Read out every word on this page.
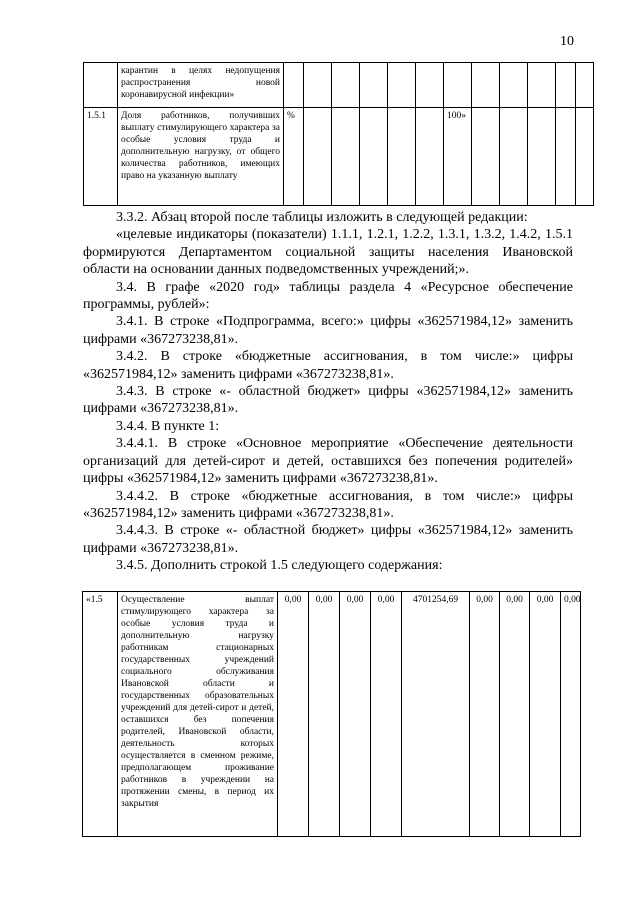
10
	карантин в целях недопущения распространения новой коронавирусной инфекции»												
1.5.1	Доля работников, получивших выплату стимулирующего характера за особые условия труда и дополнительную нагрузку, от общего количества работников, имеющих право на указанную выплату	%						100»					

3.3.2. Абзац второй после таблицы изложить в следующей редакции:

«целевые индикаторы (показатели) 1.1.1, 1.2.1, 1.2.2, 1.3.1, 1.3.2, 1.4.2, 1.5.1 формируются Департаментом социальной защиты населения Ивановской области на основании данных подведомственных учреждений;».

3.4. В графе «2020 год» таблицы раздела 4 «Ресурсное обеспечение программы, рублей»:

3.4.1. В строке «Подпрограмма, всего:» цифры «362571984,12» заменить цифрами «367273238,81».

3.4.2. В строке «бюджетные ассигнования, в том числе:» цифры «362571984,12» заменить цифрами «367273238,81».

3.4.3. В строке «- областной бюджет» цифры «362571984,12» заменить цифрами «367273238,81».

3.4.4. В пункте 1:

3.4.4.1. В строке «Основное мероприятие «Обеспечение деятельности организаций для детей-сирот и детей, оставшихся без попечения родителей» цифры «362571984,12» заменить цифрами «367273238,81».

3.4.4.2. В строке «бюджетные ассигнования, в том числе:» цифры «362571984,12» заменить цифрами «367273238,81».

3.4.4.3. В строке «- областной бюджет» цифры «362571984,12» заменить цифрами «367273238,81».

3.4.5. Дополнить строкой 1.5 следующего содержания:

«1.5	Осуществление выплат стимулирующего характера за особые условия труда и дополнительную нагрузку работникам стационарных государственных учреждений социального обслуживания Ивановской области и государственных образовательных учреждений для детей-сирот и детей, оставшихся без попечения родителей, Ивановской области, деятельность которых осуществляется в сменном режиме, предполагающем проживание работников в учреждении на протяжении смены, в период их закрытия	0,00	0,00	0,00	0,00	4701254,69	0,00	0,00	0,00	0,00
